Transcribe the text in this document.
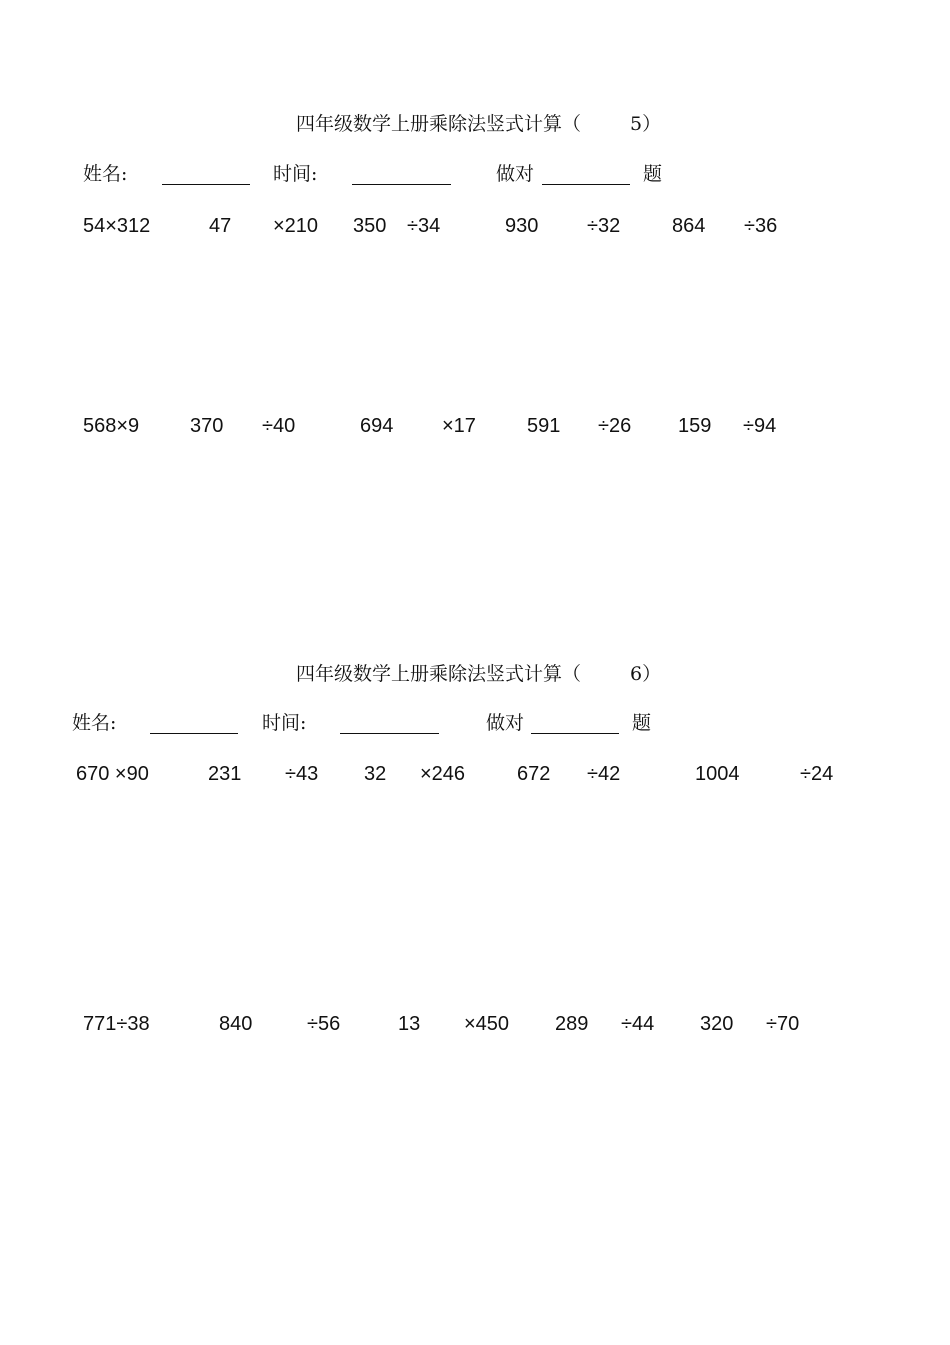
四年级数学上册乘除法竖式计算（	5）
姓名:	时间:	做对	题
54×312	47 ×210 350 ÷34	930 ÷32	864 ÷36
568×9	370 ÷40	694 ×17	591 ÷26 159 ÷94
四年级数学上册乘除法竖式计算（	6）
姓名:	时间:	做对	题
670 ×90	231 ÷43 32 ×246	672 ÷42	1004	÷24
771÷38	840	÷56	13 ×450 289 ÷44 320 ÷70
